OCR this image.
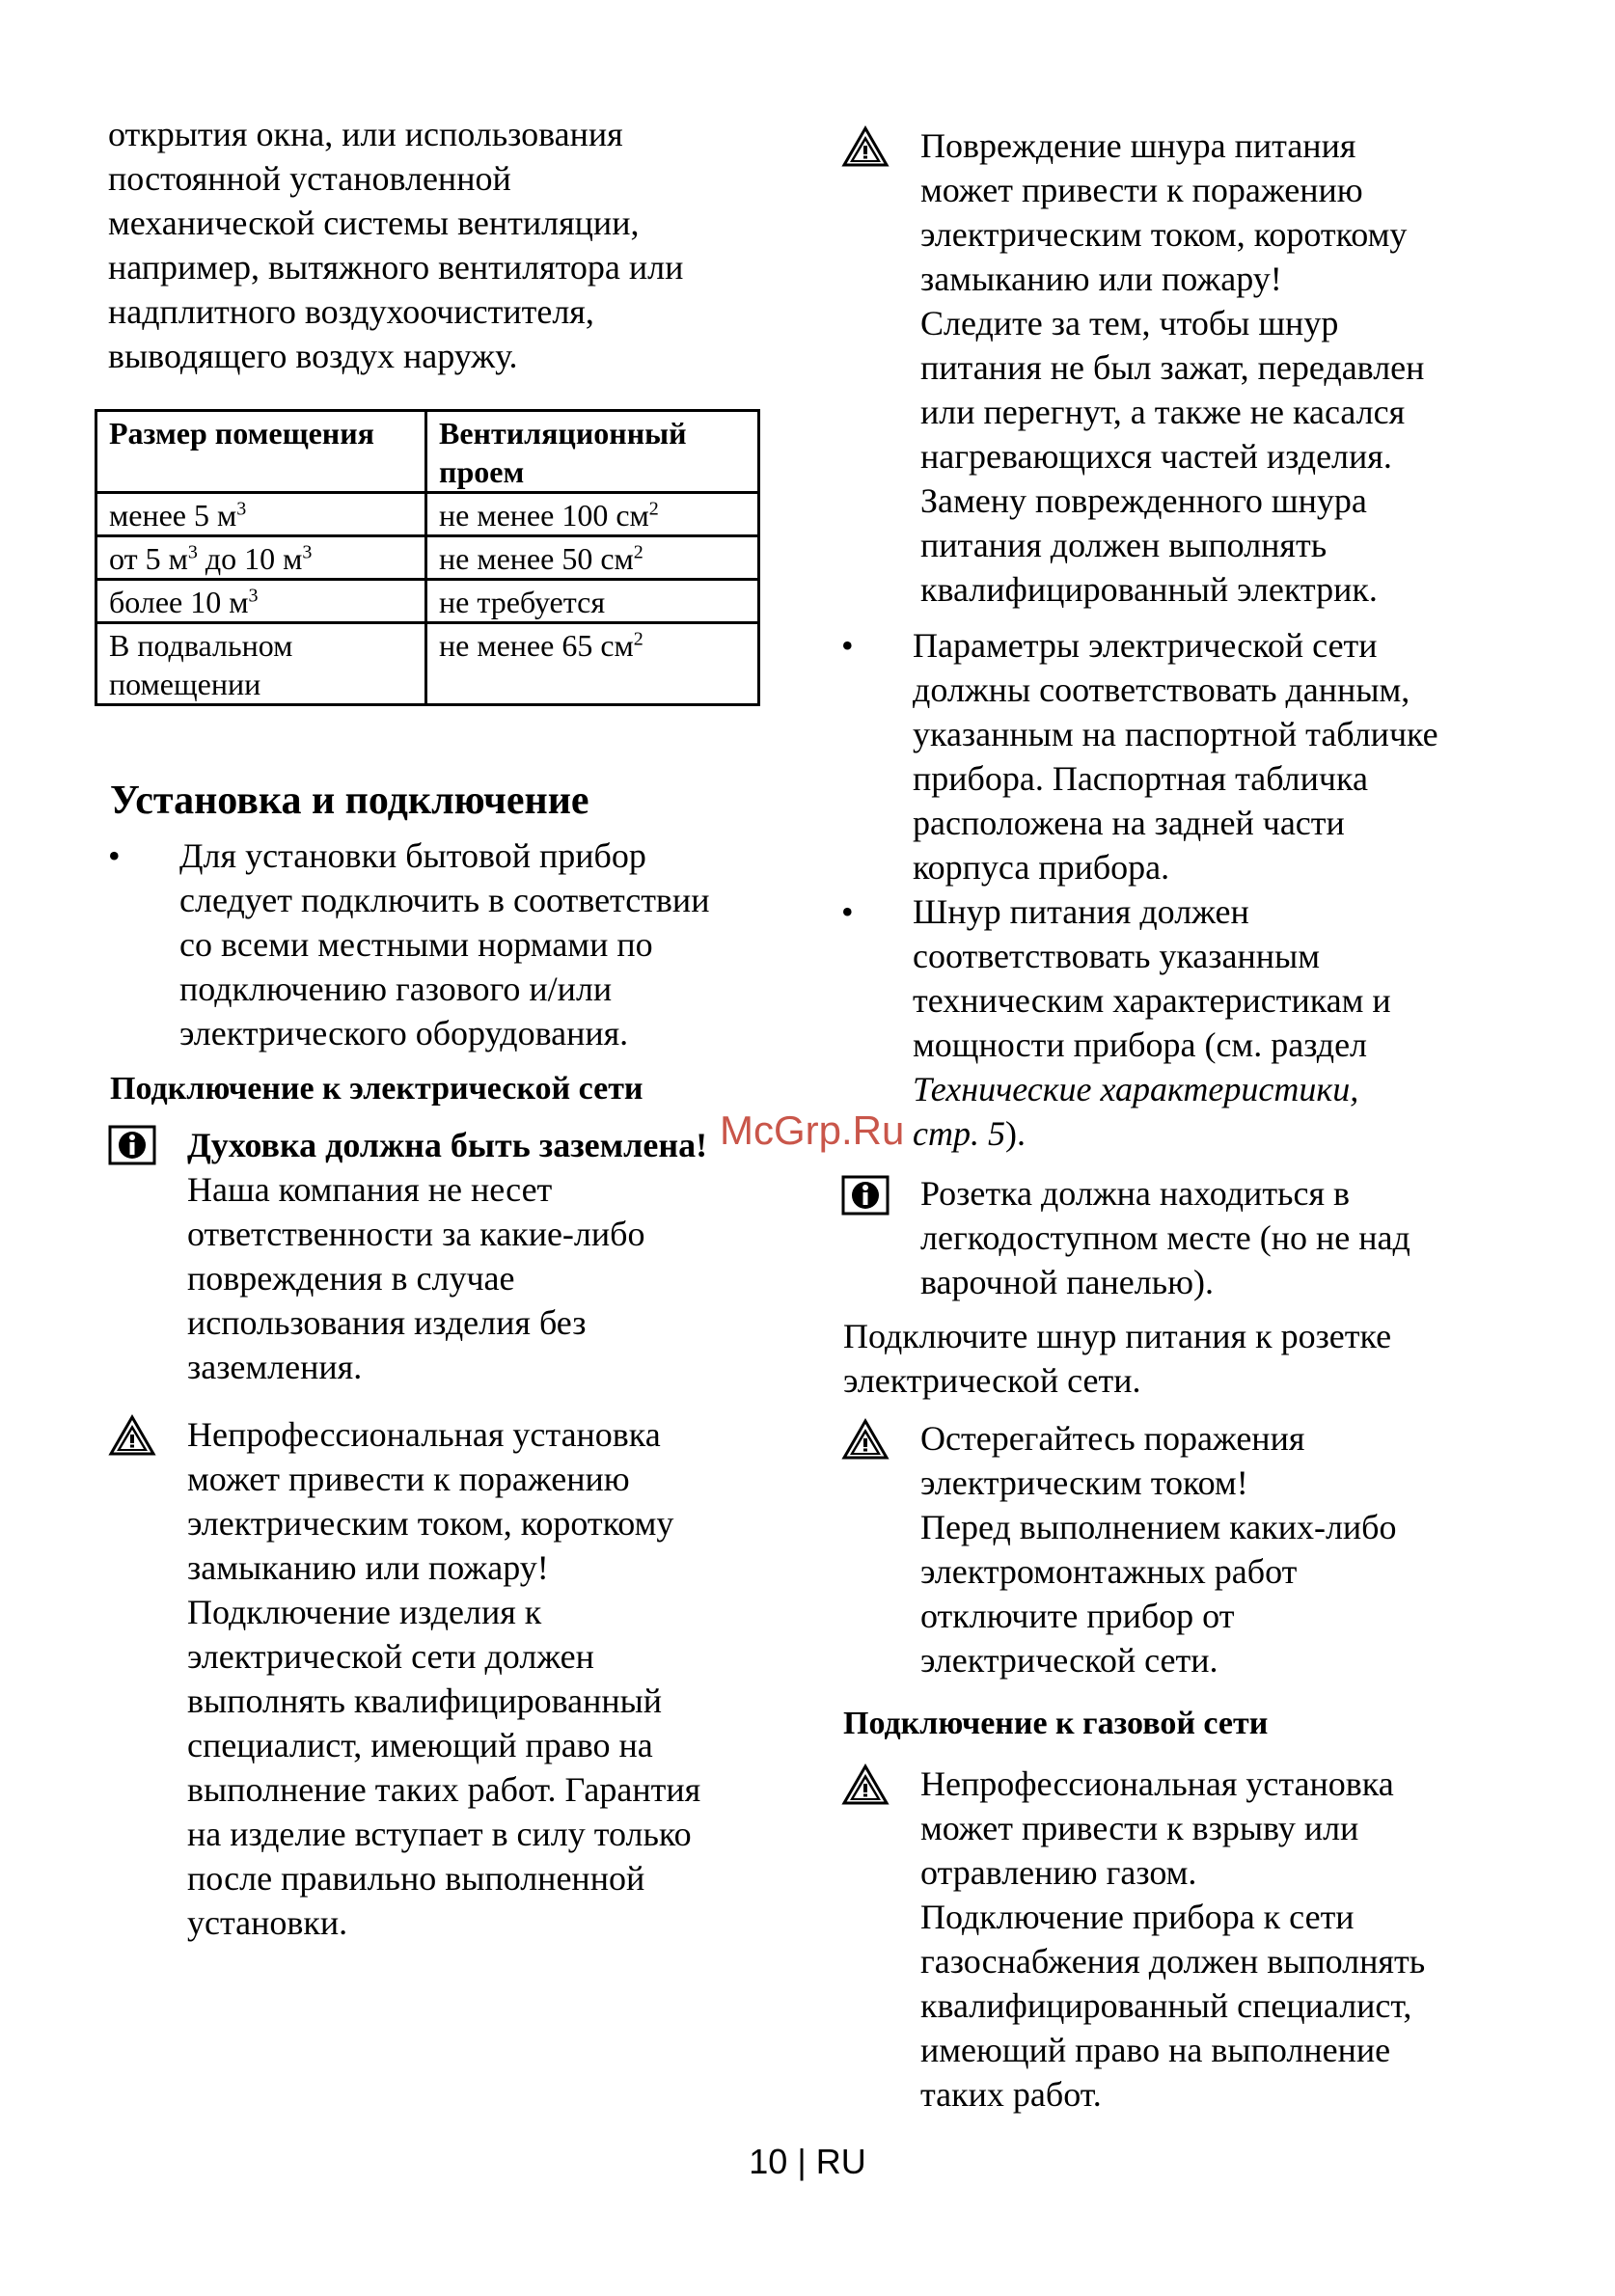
открытия окна, или использования
постоянной установленной
механической системы вентиляции,
например, вытяжного вентилятора или
надплитного воздухоочистителя,
выводящего воздух наружу.
Размер помещения	Вентиляционный
проем
менее 5 $м^3$	не менее 100 $см^2$
от 5 $м^3$ до 10 $м^3$	не менее 50 $см^2$
более 10 $м^3$	не требуется
В подвальном
помещении	не менее 65 $см^2$
Установка и подключение
• Для установки бытовой прибор
следует подключить в соответствии
со всеми местными нормами по
подключению газового и/или
электрического оборудования.
Подключение к электрической сети
Духовка должна быть заземлена!
Наша компания не несет
ответственности за какие-либо
повреждения в случае
использования изделия без
заземления.
Непрофессиональная установка
может привести к поражению
электрическим током, короткому
замыканию или пожару!
Подключение изделия к
электрической сети должен
выполнять квалифицированный
специалист, имеющий право на
выполнение таких работ. Гарантия
на изделие вступает в силу только
после правильно выполненной
установки.
Повреждение шнура питания
может привести к поражению
электрическим током, короткому
замыканию или пожару!
Следите за тем, чтобы шнур
питания не был зажат, передавлен
или перегнут, а также не касался
нагревающихся частей изделия.
Замену поврежденного шнура
питания должен выполнять
квалифицированный электрик.
• Параметры электрической сети
должны соответствовать данным,
указанным на паспортной табличке
прибора. Паспортная табличка
расположена на задней части
корпуса прибора.
• Шнур питания должен
соответствовать указанным
техническим характеристикам и
мощности прибора (см. раздел
Технические характеристики,
стр. 5).
Розетка должна находиться в
легкодоступном месте (но не над
варочной панелью).
Подключите шнур питания к розетке
электрической сети.
Остерегайтесь поражения
электрическим током!
Перед выполнением каких-либо
электромонтажных работ
отключите прибор от
электрической сети.
Подключение к газовой сети
Непрофессиональная установка
может привести к взрыву или
отравлению газом.
Подключение прибора к сети
газоснабжения должен выполнять
квалифицированный специалист,
имеющий право на выполнение
таких работ.
McGrp.Ru
10 | RU
